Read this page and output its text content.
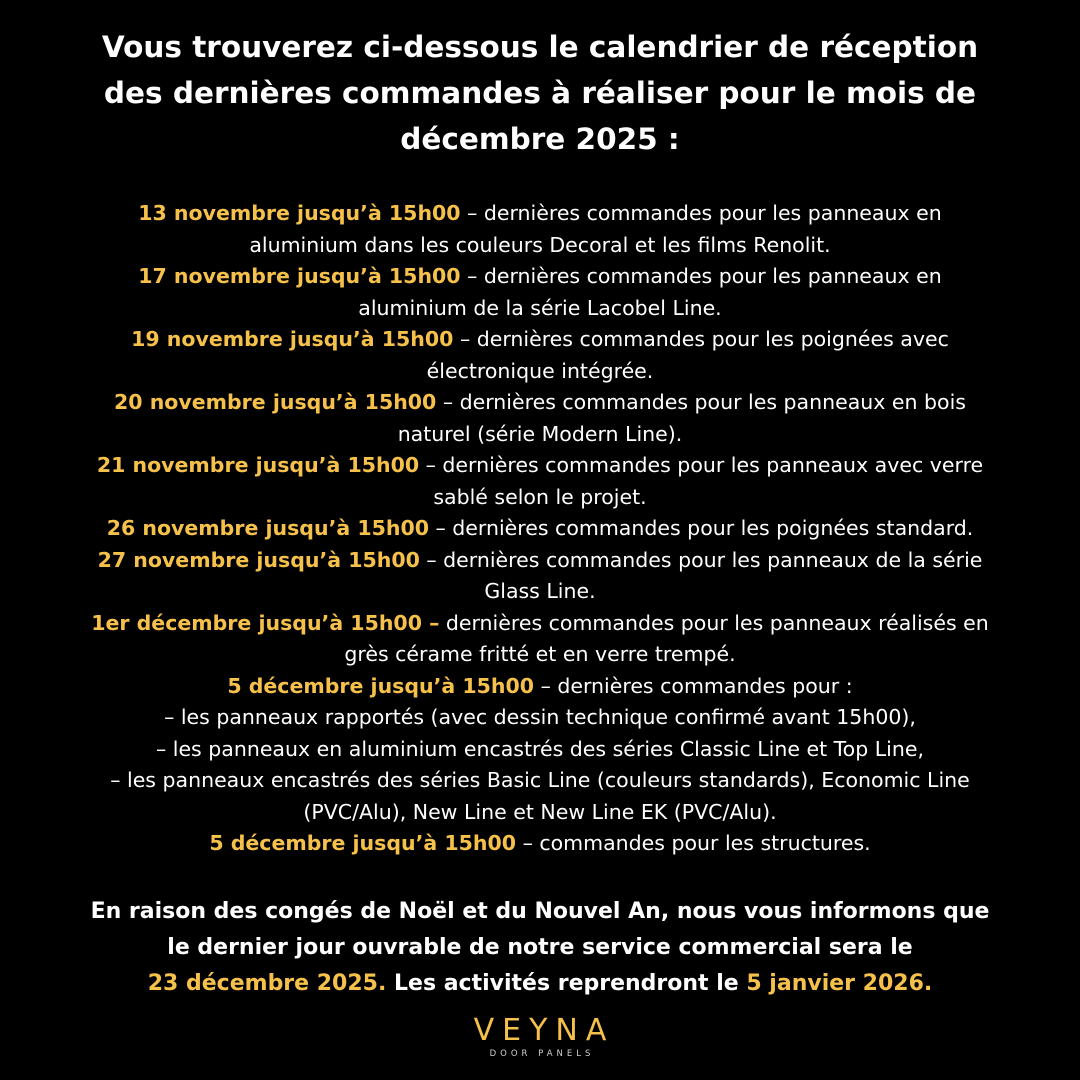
Vous trouverez ci-dessous le calendrier de réception
des dernières commandes à réaliser pour le mois de
décembre 2025 :
13 novembre jusqu’à 15h00 – dernières commandes pour les panneaux en
aluminium dans les couleurs Decoral et les films Renolit.
17 novembre jusqu’à 15h00 – dernières commandes pour les panneaux en
aluminium de la série Lacobel Line.
19 novembre jusqu’à 15h00 – dernières commandes pour les poignées avec
électronique intégrée.
20 novembre jusqu’à 15h00 – dernières commandes pour les panneaux en bois
naturel (série Modern Line).
21 novembre jusqu’à 15h00 – dernières commandes pour les panneaux avec verre
sablé selon le projet.
26 novembre jusqu’à 15h00 – dernières commandes pour les poignées standard.
27 novembre jusqu’à 15h00 – dernières commandes pour les panneaux de la série
Glass Line.
1er décembre jusqu’à 15h00 – dernières commandes pour les panneaux réalisés en
grès cérame fritté et en verre trempé.
5 décembre jusqu’à 15h00 – dernières commandes pour :
– les panneaux rapportés (avec dessin technique confirmé avant 15h00),
– les panneaux en aluminium encastrés des séries Classic Line et Top Line,
– les panneaux encastrés des séries Basic Line (couleurs standards), Economic Line
(PVC/Alu), New Line et New Line EK (PVC/Alu).
5 décembre jusqu’à 15h00 – commandes pour les structures.
En raison des congés de Noël et du Nouvel An, nous vous informons que
le dernier jour ouvrable de notre service commercial sera le
23 décembre 2025. Les activités reprendront le 5 janvier 2026.
VEYNA
DOOR PANELS
